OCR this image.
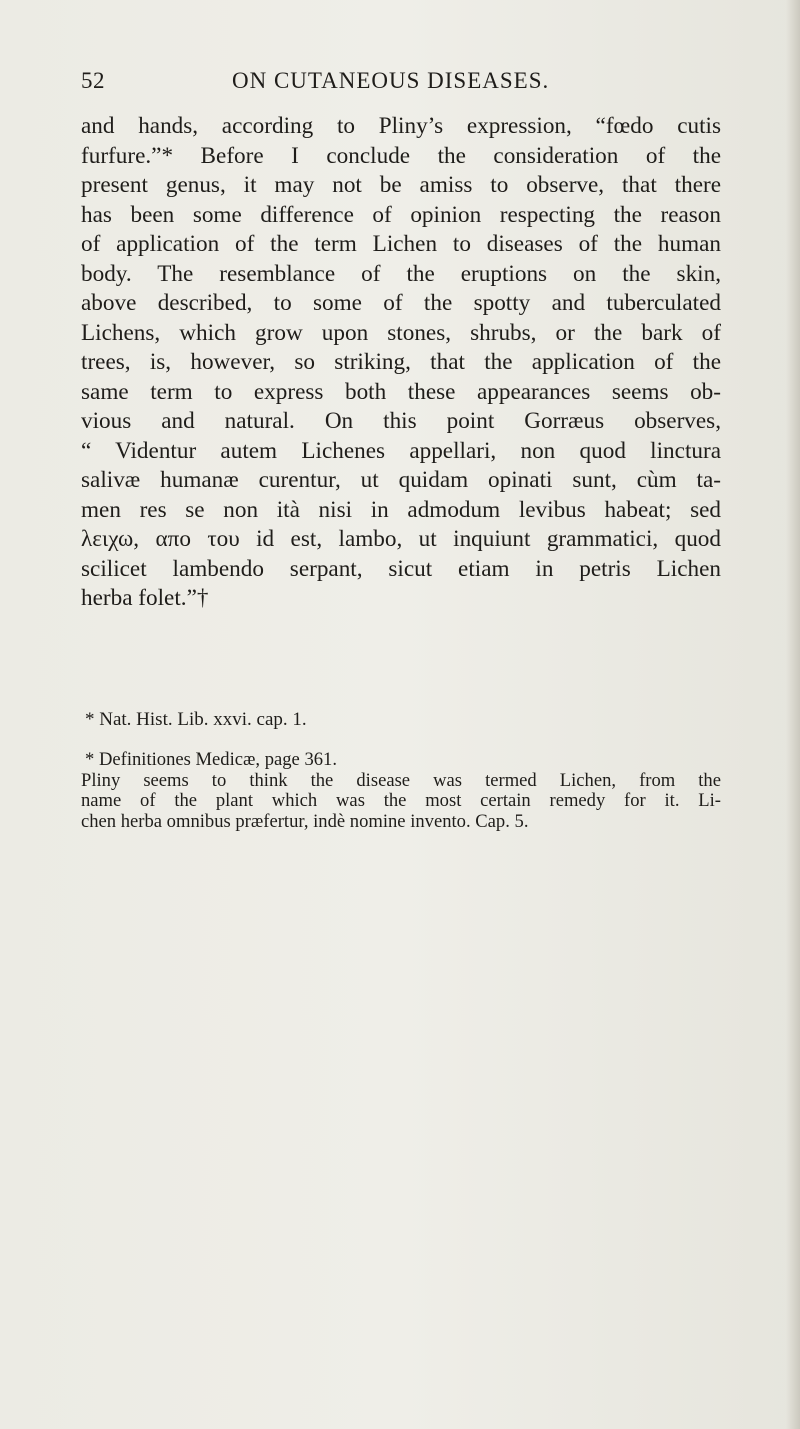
52	ON CUTANEOUS DISEASES.
and hands, according to Pliny’s expression, “fœdo cutis
furfure.”* Before I conclude the consideration of the
present genus, it may not be amiss to observe, that there
has been some difference of opinion respecting the reason
of application of the term Lichen to diseases of the human
body. The resemblance of the eruptions on the skin,
above described, to some of the spotty and tuberculated
Lichens, which grow upon stones, shrubs, or the bark of
trees, is, however, so striking, that the application of the
same term to express both these appearances seems ob-
vious and natural. On this point Gorræus observes,
“ Videntur autem Lichenes appellari, non quod linctura
salivæ humanæ curentur, ut quidam opinati sunt, cùm ta-
men res se non ità nisi in admodum levibus habeat; sed
λειχω, απο του id est, lambo, ut inquiunt grammatici, quod
scilicet lambendo serpant, sicut etiam in petris Lichen
herba folet.”†
* Nat. Hist. Lib. xxvi. cap. 1.
* Definitiones Medicæ, page 361.
Pliny seems to think the disease was termed Lichen, from the
name of the plant which was the most certain remedy for it. Li-
chen herba omnibus præfertur, indè nomine invento. Cap. 5.
